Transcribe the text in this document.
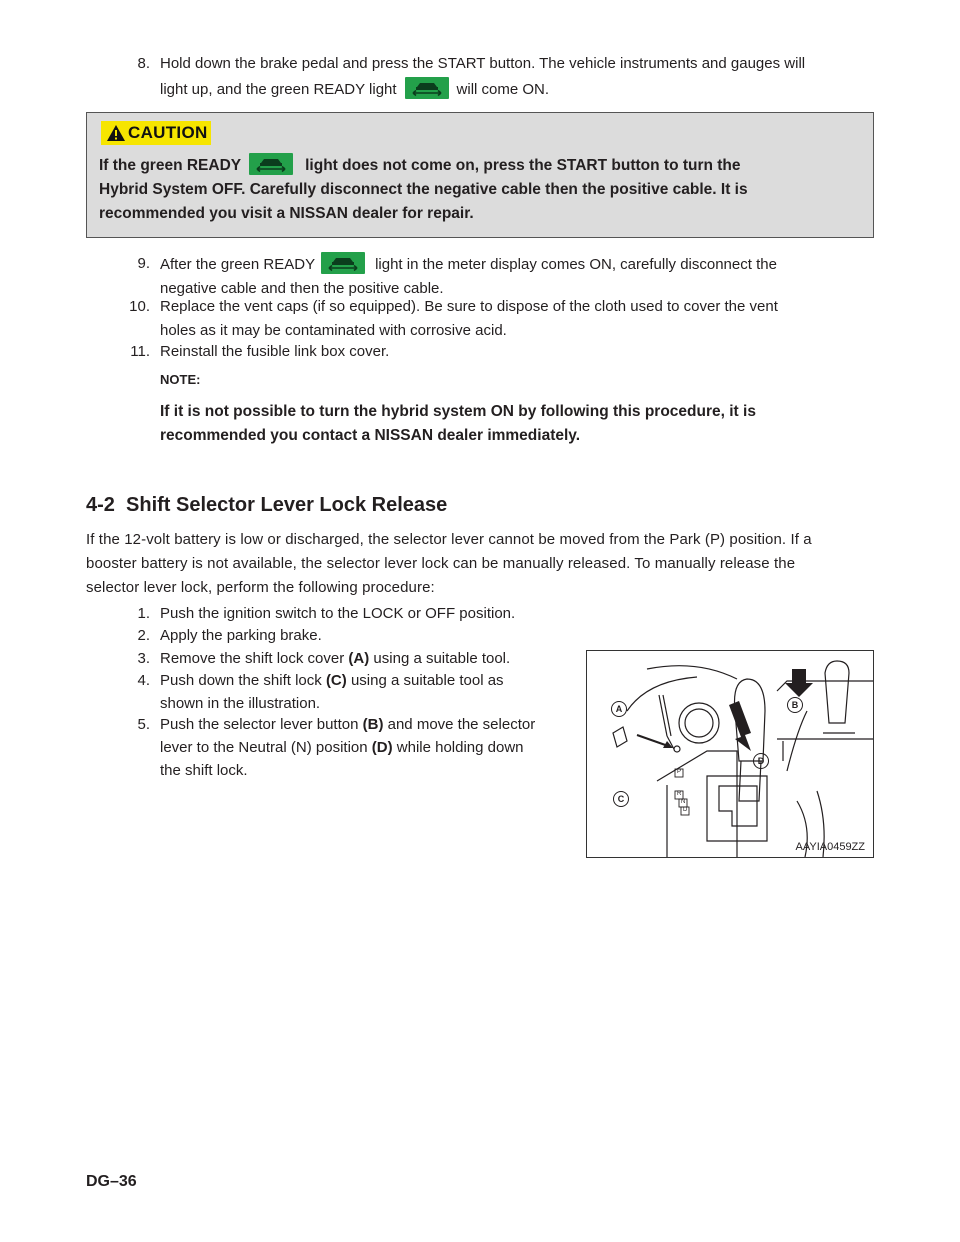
8. Hold down the brake pedal and press the START button. The vehicle instruments and gauges will
light up, and the green READY light	will come ON.
CAUTION
If the green READY	light does not come on, press the START button to turn the
Hybrid System OFF. Carefully disconnect the negative cable then the positive cable. It is
recommended you visit a NISSAN dealer for repair.
9. After the green READY	light in the meter display comes ON, carefully disconnect the
negative cable and then the positive cable.
10. Replace the vent caps (if so equipped). Be sure to dispose of the cloth used to cover the vent
holes as it may be contaminated with corrosive acid.
11. Reinstall the fusible link box cover.
NOTE:
If it is not possible to turn the hybrid system ON by following this procedure, it is
recommended you contact a NISSAN dealer immediately.
4-2  Shift Selector Lever Lock Release
If the 12-volt battery is low or discharged, the selector lever cannot be moved from the Park (P) position. If a
booster battery is not available, the selector lever lock can be manually released. To manually release the
selector lever lock, perform the following procedure:
1. Push the ignition switch to the LOCK or OFF position.
2. Apply the parking brake.
3. Remove the shift lock cover (A) using a suitable tool.
4. Push down the shift lock (C) using a suitable tool as
shown in the illustration.
5. Push the selector lever button (B) and move the selector
lever to the Neutral (N) position (D) while holding down
the shift lock.	P
R
N
D
A	B
C
D
AAYIA0459ZZ
DG–36
